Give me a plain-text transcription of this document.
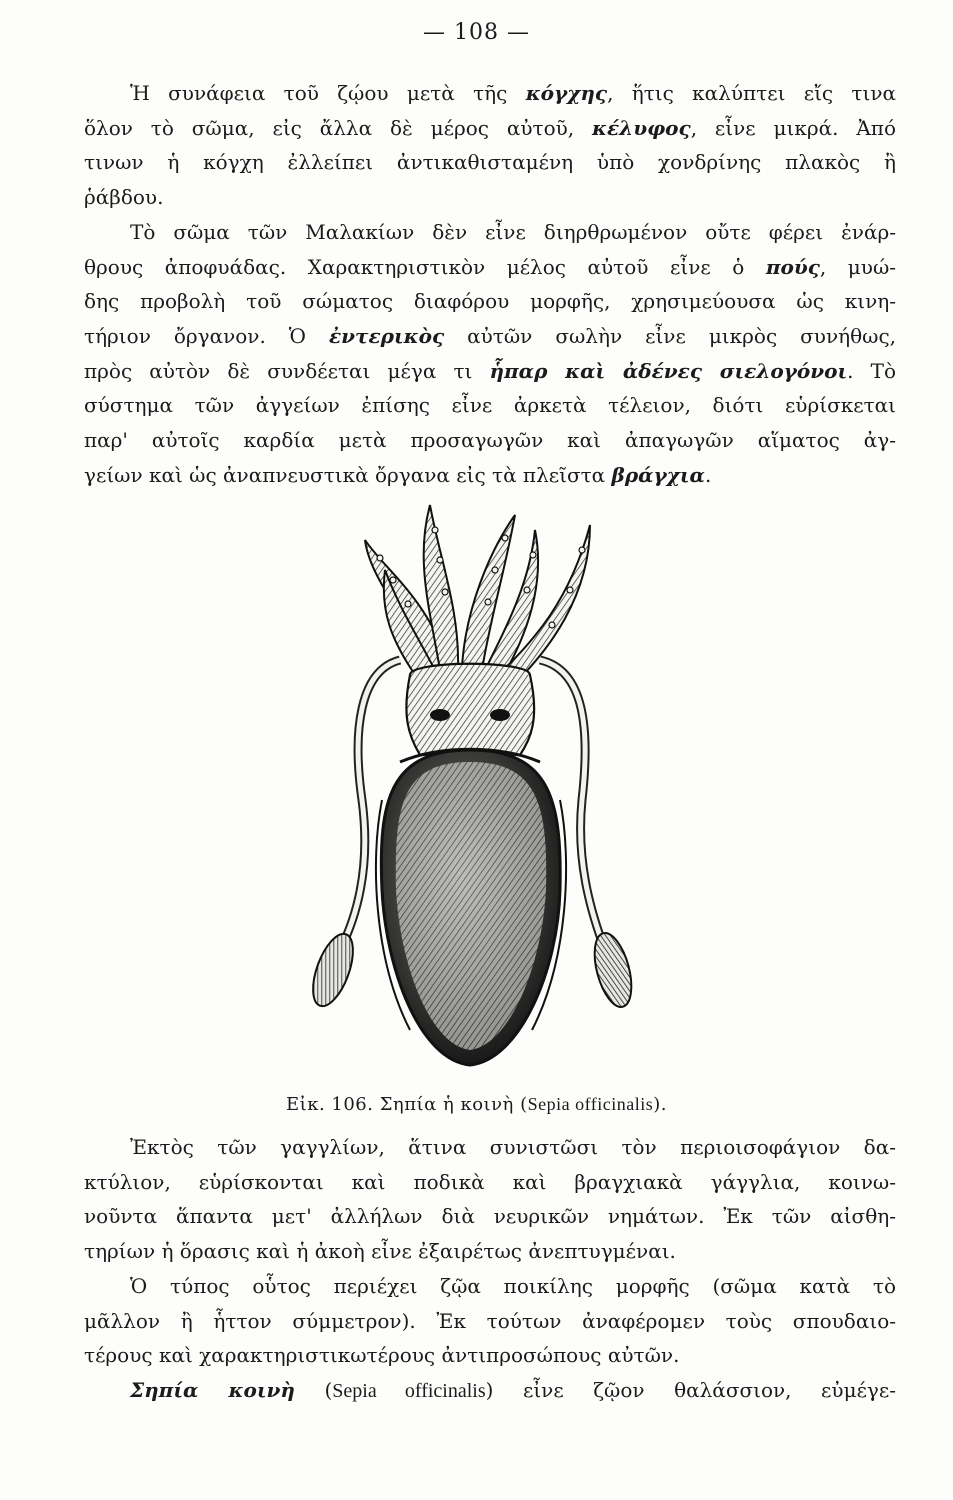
— 108 —
Ἡ συνάφεια τοῦ ζῴου μετὰ τῆς κόγχης, ἥτις καλύπτει εἴς τινα
ὅλον τὸ σῶμα, εἰς ἄλλα δὲ μέρος αὐτοῦ, κέλυφος, εἶνε μικρά. Ἀπό
τινων ἡ κόγχη ἐλλείπει ἀντικαθισταμένη ὑπὸ χονδρίνης πλακὸς ἢ
ῥάβδου.
Τὸ σῶμα τῶν Μαλακίων δὲν εἶνε διηρθρωμένον οὔτε φέρει ἐνάρ-
θρους ἀποφυάδας. Χαρακτηριστικὸν μέλος αὐτοῦ εἶνε ὁ πούς, μυώ-
δης προβολὴ τοῦ σώματος διαφόρου μορφῆς, χρησιμεύουσα ὡς κινη-
τήριον ὄργανον. Ὁ ἐντερικὸς αὐτῶν σωλὴν εἶνε μικρὸς συνήθως,
πρὸς αὐτὸν δὲ συνδέεται μέγα τι ἧπαρ καὶ ἀδένες σιελογόνοι. Τὸ
σύστημα τῶν ἀγγείων ἐπίσης εἶνε ἀρκετὰ τέλειον, διότι εὑρίσκεται
παρ' αὐτοῖς καρδία μετὰ προσαγωγῶν καὶ ἀπαγωγῶν αἵματος ἀγ-
γείων καὶ ὡς ἀναπνευστικὰ ὄργανα εἰς τὰ πλεῖστα βράγχια.
Εἰκ. 106. Σηπία ἡ κοινὴ (Sepia officinalis).
Ἐκτὸς τῶν γαγγλίων, ἅτινα συνιστῶσι τὸν περιοισοφάγιον δα-
κτύλιον, εὑρίσκονται καὶ ποδικὰ καὶ βραγχιακὰ γάγγλια, κοινω-
νοῦντα ἅπαντα μετ' ἀλλήλων διὰ νευρικῶν νημάτων. Ἐκ τῶν αἰσθη-
τηρίων ἡ ὅρασις καὶ ἡ ἀκοὴ εἶνε ἐξαιρέτως ἀνεπτυγμέναι.
Ὁ τύπος οὗτος περιέχει ζῷα ποικίλης μορφῆς (σῶμα κατὰ τὸ
μᾶλλον ἢ ἧττον σύμμετρον). Ἐκ τούτων ἀναφέρομεν τοὺς σπουδαιο-
τέρους καὶ χαρακτηριστικωτέρους ἀντιπροσώπους αὐτῶν.
Σηπία κοινὴ (Sepia officinalis) εἶνε ζῷον θαλάσσιον, εὐμέγε-
